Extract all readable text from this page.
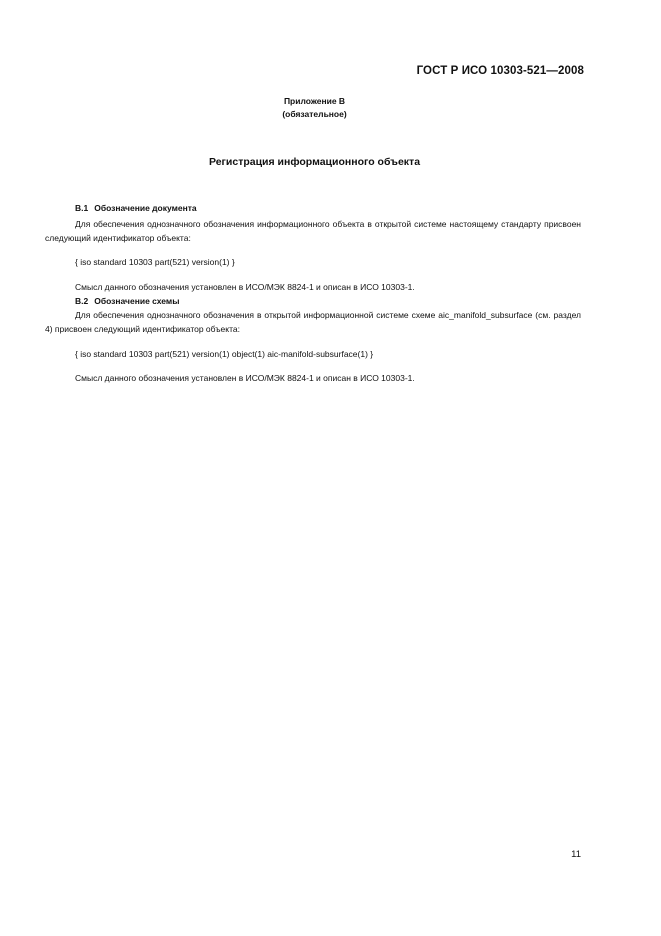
ГОСТ Р ИСО 10303-521—2008
Приложение В
(обязательное)
Регистрация информационного объекта
В.1 Обозначение документа
Для обеспечения однозначного обозначения информационного объекта в открытой системе настоящему стандарту присвоен следующий идентификатор объекта:
{ iso standard 10303 part(521) version(1) }
Смысл данного обозначения установлен в ИСО/МЭК 8824-1 и описан в ИСО 10303-1.
В.2 Обозначение схемы
Для обеспечения однозначного обозначения в открытой информационной системе схеме aic_manifold_subsurface (см. раздел 4) присвоен следующий идентификатор объекта:
{ iso standard 10303 part(521) version(1) object(1) aic-manifold-subsurface(1) }
Смысл данного обозначения установлен в ИСО/МЭК 8824-1 и описан в ИСО 10303-1.
11
